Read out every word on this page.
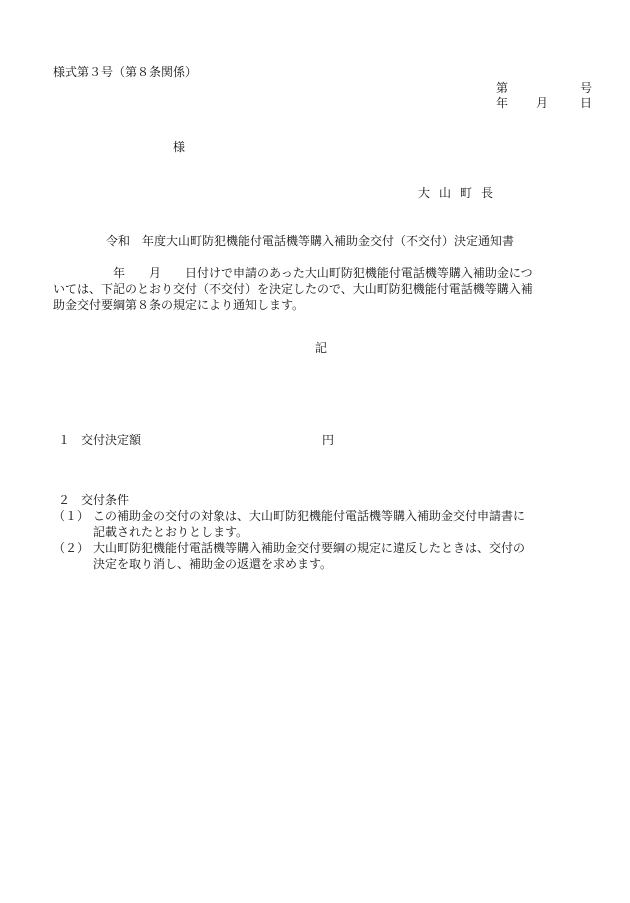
様式第３号（第８条関係）
第	号
年 月	日
様
大山町長
令和　年度大山町防犯機能付電話機等購入補助金交付（不交付）決定通知書

　　　　　年　　月　　日付けで申請のあった大山町防犯機能付電話機等購入補助金につ

いては、下記のとおり交付（不交付）を決定したので、大山町防犯機能付電話機等購入補

助金交付要綱第８条の規定により通知します。

記
１ 交付決定額	円
２ 交付条件
（１） この補助金の交付の対象は、大山町防犯機能付電話機等購入補助金交付申請書に
記載されたとおりとします。
（２） 大山町防犯機能付電話機等購入補助金交付要綱の規定に違反したときは、交付の
決定を取り消し、補助金の返還を求めます。
